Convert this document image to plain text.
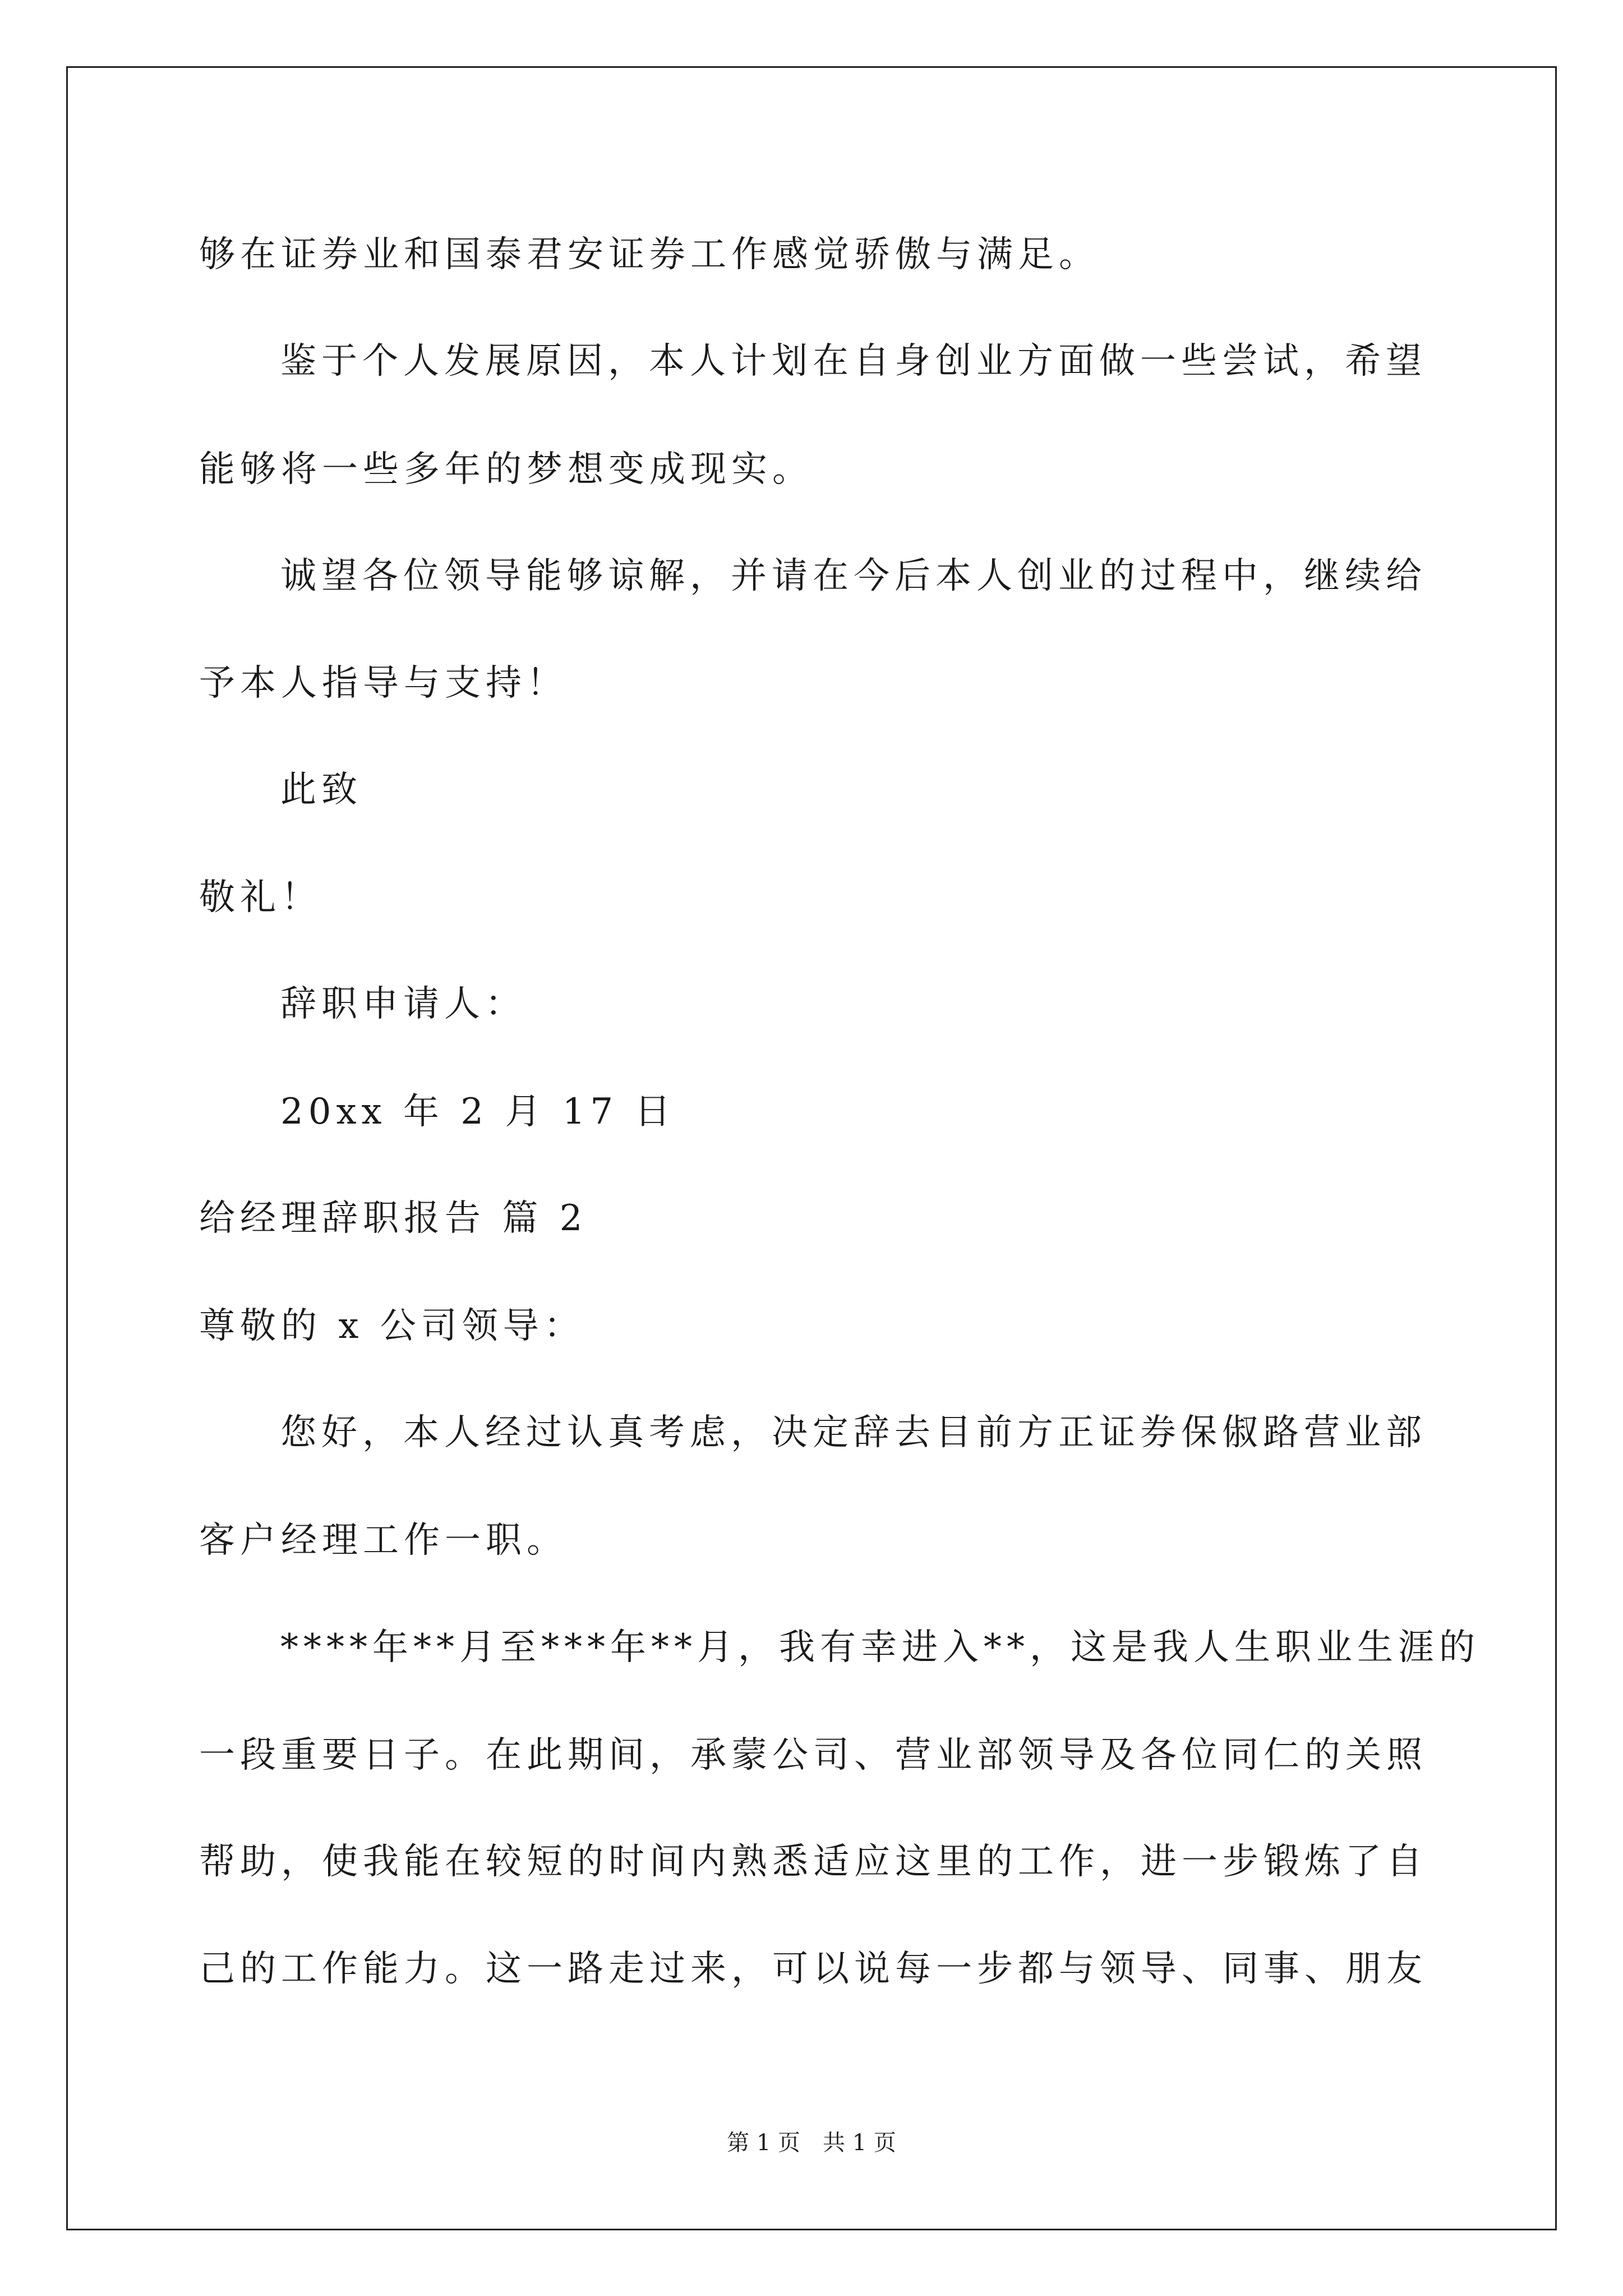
够在证券业和国泰君安证券工作感觉骄傲与满足。
鉴于个人发展原因，本人计划在自身创业方面做一些尝试，希望
能够将一些多年的梦想变成现实。
诚望各位领导能够谅解，并请在今后本人创业的过程中，继续给
予本人指导与支持！
此致
敬礼！
辞职申请人：
20xx 年 2 月 17 日
给经理辞职报告 篇 2
尊敬的 x 公司领导：
您好，本人经过认真考虑，决定辞去目前方正证券保俶路营业部
客户经理工作一职。
****年**月至***年**月，我有幸进入**，这是我人生职业生涯的
一段重要日子。在此期间，承蒙公司、营业部领导及各位同仁的关照
帮助，使我能在较短的时间内熟悉适应这里的工作，进一步锻炼了自
己的工作能力。这一路走过来，可以说每一步都与领导、同事、朋友
第 1 页　共 1 页
